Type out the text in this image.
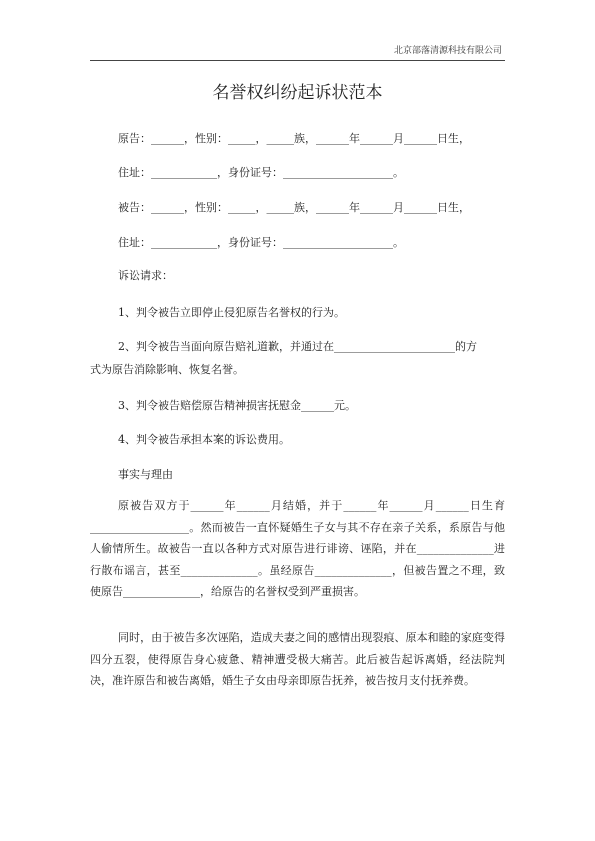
北京部落清源科技有限公司
名誉权纠纷起诉状范本
原告：______，性别：_____，_____族，______年______月______日生，
住址：____________，身份证号：____________________。
被告：______，性别：_____，_____族，______年______月______日生，
住址：____________，身份证号：____________________。
诉讼请求：
1、判令被告立即停止侵犯原告名誉权的行为。
2、判令被告当面向原告赔礼道歉，并通过在______________________的方
式为原告消除影响、恢复名誉。
3、判令被告赔偿原告精神损害抚慰金______元。
4、判令被告承担本案的诉讼费用。
事实与理由
原被告双方于______年______月结婚，并于______年______月______日生育__________________。然而被告一直怀疑婚生子女与其不存在亲子关系，系原告与他人偷情所生。故被告一直以各种方式对原告进行诽谤、诬陷，并在______________进行散布谣言，甚至______________。虽经原告______________，但被告置之不理，致使原告______________，给原告的名誉权受到严重损害。
同时，由于被告多次诬陷，造成夫妻之间的感情出现裂痕、原本和睦的家庭变得四分五裂，使得原告身心疲惫、精神遭受极大痛苦。此后被告起诉离婚，经法院判决，准许原告和被告离婚，婚生子女由母亲即原告抚养，被告按月支付抚养费。
